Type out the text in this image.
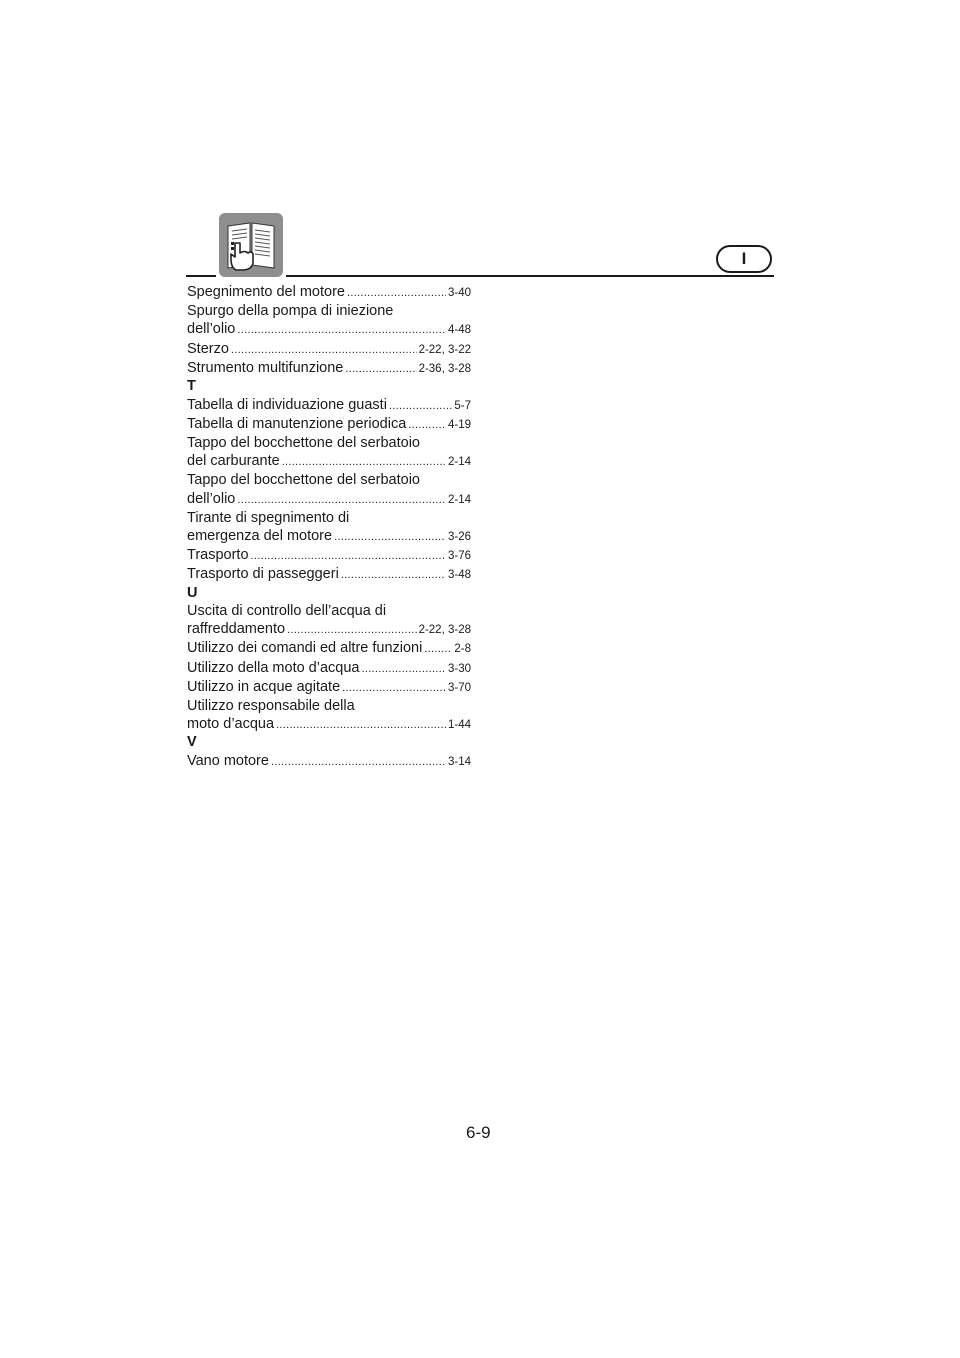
I
Spegnimento del motore .....	3-40
Spurgo della pompa di iniezione
dell’olio .....	4-48
Sterzo .....	2-22, 3-22
Strumento multifunzione .....	2-36, 3-28
T
Tabella di individuazione guasti .....	5-7
Tabella di manutenzione periodica .....	4-19
Tappo del bocchettone del serbatoio
del carburante .....	2-14
Tappo del bocchettone del serbatoio
dell’olio .....	2-14
Tirante di spegnimento di
emergenza del motore .....	3-26
Trasporto .....	3-76
Trasporto di passeggeri .....	3-48
U
Uscita di controllo dell’acqua di
raffreddamento .....	2-22, 3-28
Utilizzo dei comandi ed altre funzioni .....	2-8
Utilizzo della moto d’acqua .....	3-30
Utilizzo in acque agitate .....	3-70
Utilizzo responsabile della
moto d’acqua .....	1-44
V
Vano motore .....	3-14
6-9
